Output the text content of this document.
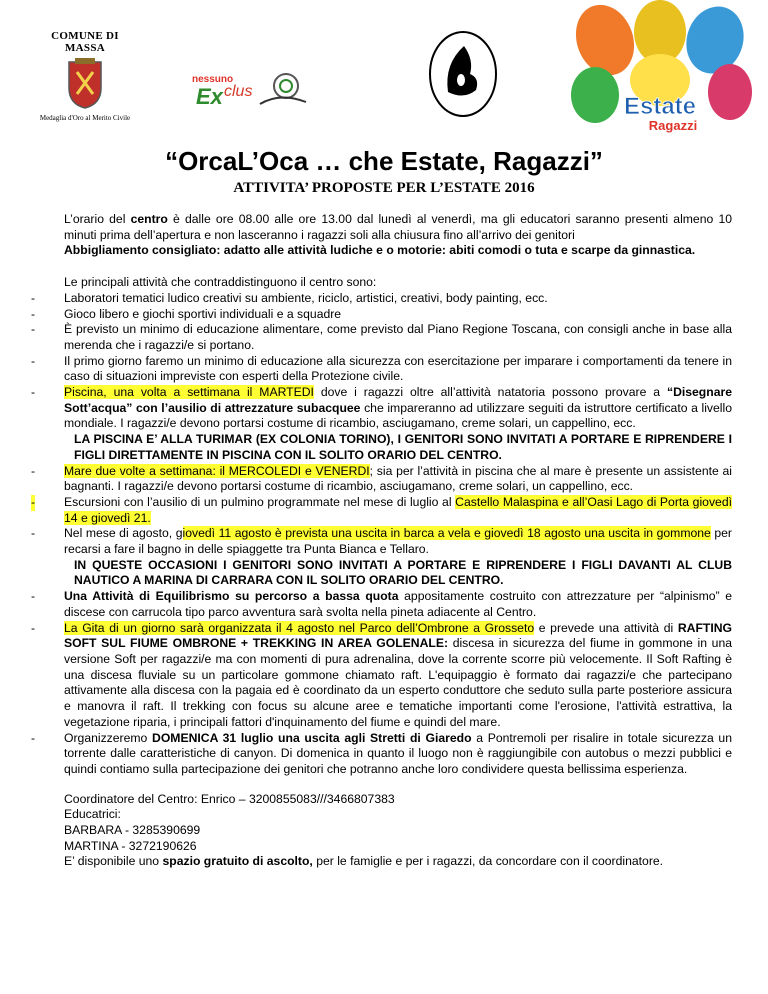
COMUNE DI MASSA
Medaglia d'Oro al Merito Civile
nessuno
Ex clus
Estate
Ragazzi
“OrcaL’Oca … che Estate, Ragazzi”
ATTIVITA’ PROPOSTE PER L’ESTATE 2016

L’orario del centro è dalle ore 08.00 alle ore 13.00 dal lunedì al venerdì, ma gli educatori saranno presenti almeno 10 minuti prima dell’apertura e non lasceranno i ragazzi soli alla chiusura fino all’arrivo dei genitori

Abbigliamento consigliato: adatto alle attività ludiche e o motorie: abiti comodi o tuta e scarpe da ginnastica.

Le principali attività che contraddistinguono il centro sono:

- Laboratori tematici ludico creativi su ambiente, riciclo, artistici, creativi, body painting, ecc.
- Gioco libero e giochi sportivi individuali e a squadre
- È previsto un minimo di educazione alimentare, come previsto dal Piano Regione Toscana, con consigli anche in base alla merenda che i ragazzi/e si portano.
- Il primo giorno faremo un minimo di educazione alla sicurezza con esercitazione per imparare i comportamenti da tenere in caso di situazioni impreviste con esperti della Protezione civile.
- Piscina, una volta a settimana il MARTEDI dove i ragazzi oltre all’attività natatoria possono provare a “Disegnare Sott’acqua” con l’ausilio di attrezzature subacquee che impareranno ad utilizzare seguiti da istruttore certificato a livello mondiale. I ragazzi/e devono portarsi costume di ricambio, asciugamano, creme solari, un cappellino, ecc.

LA PISCINA E’ ALLA TURIMAR (EX COLONIA TORINO), I GENITORI SONO INVITATI A PORTARE E RIPRENDERE I FIGLI DIRETTAMENTE IN PISCINA CON IL SOLITO ORARIO DEL CENTRO.

- Mare due volte a settimana: il MERCOLEDI e VENERDI; sia per l’attività in piscina che al mare è presente un assistente ai bagnanti. I ragazzi/e devono portarsi costume di ricambio, asciugamano, creme solari, un cappellino, ecc.
- Escursioni con l’ausilio di un pulmino programmate nel mese di luglio al Castello Malaspina e all’Oasi Lago di Porta giovedì 14 e giovedì 21.
- Nel mese di agosto, giovedì 11 agosto è prevista una uscita in barca a vela e giovedì 18 agosto una uscita in gommone per recarsi a fare il bagno in delle spiaggette tra Punta Bianca e Tellaro.

IN QUESTE OCCASIONI I GENITORI SONO INVITATI A PORTARE E RIPRENDERE I FIGLI DAVANTI AL CLUB NAUTICO A MARINA DI CARRARA CON IL SOLITO ORARIO DEL CENTRO.

- Una Attività di Equilibrismo su percorso a bassa quota appositamente costruito con attrezzature per “alpinismo” e discese con carrucola tipo parco avventura sarà svolta nella pineta adiacente al Centro.
- La Gita di un giorno sarà organizzata il 4 agosto nel Parco dell’Ombrone a Grosseto e prevede una attività di RAFTING SOFT SUL FIUME OMBRONE + TREKKING IN AREA GOLENALE: discesa in sicurezza del fiume in gommone in una versione Soft per ragazzi/e ma con momenti di pura adrenalina, dove la corrente scorre più velocemente. Il Soft Rafting è una discesa fluviale su un particolare gommone chiamato raft. L'equipaggio è formato dai ragazzi/e che partecipano attivamente alla discesa con la pagaia ed è coordinato da un esperto conduttore che seduto sulla parte posteriore assicura e manovra il raft. Il trekking con focus su alcune aree e tematiche importanti come l'erosione, l'attività estrattiva, la vegetazione riparia, i principali fattori d'inquinamento del fiume e quindi del mare.
- Organizzeremo DOMENICA 31 luglio una uscita agli Stretti di Giaredo a Pontremoli per risalire in totale sicurezza un torrente dalle caratteristiche di canyon. Di domenica in quanto il luogo non è raggiungibile con autobus o mezzi pubblici e quindi contiamo sulla partecipazione dei genitori che potranno anche loro condividere questa bellissima esperienza.

Coordinatore del Centro: Enrico – 3200855083///3466807383

Educatrici:

BARBARA - 3285390699

MARTINA - 3272190626

E’ disponibile uno spazio gratuito di ascolto, per le famiglie e per i ragazzi, da concordare con il coordinatore.
